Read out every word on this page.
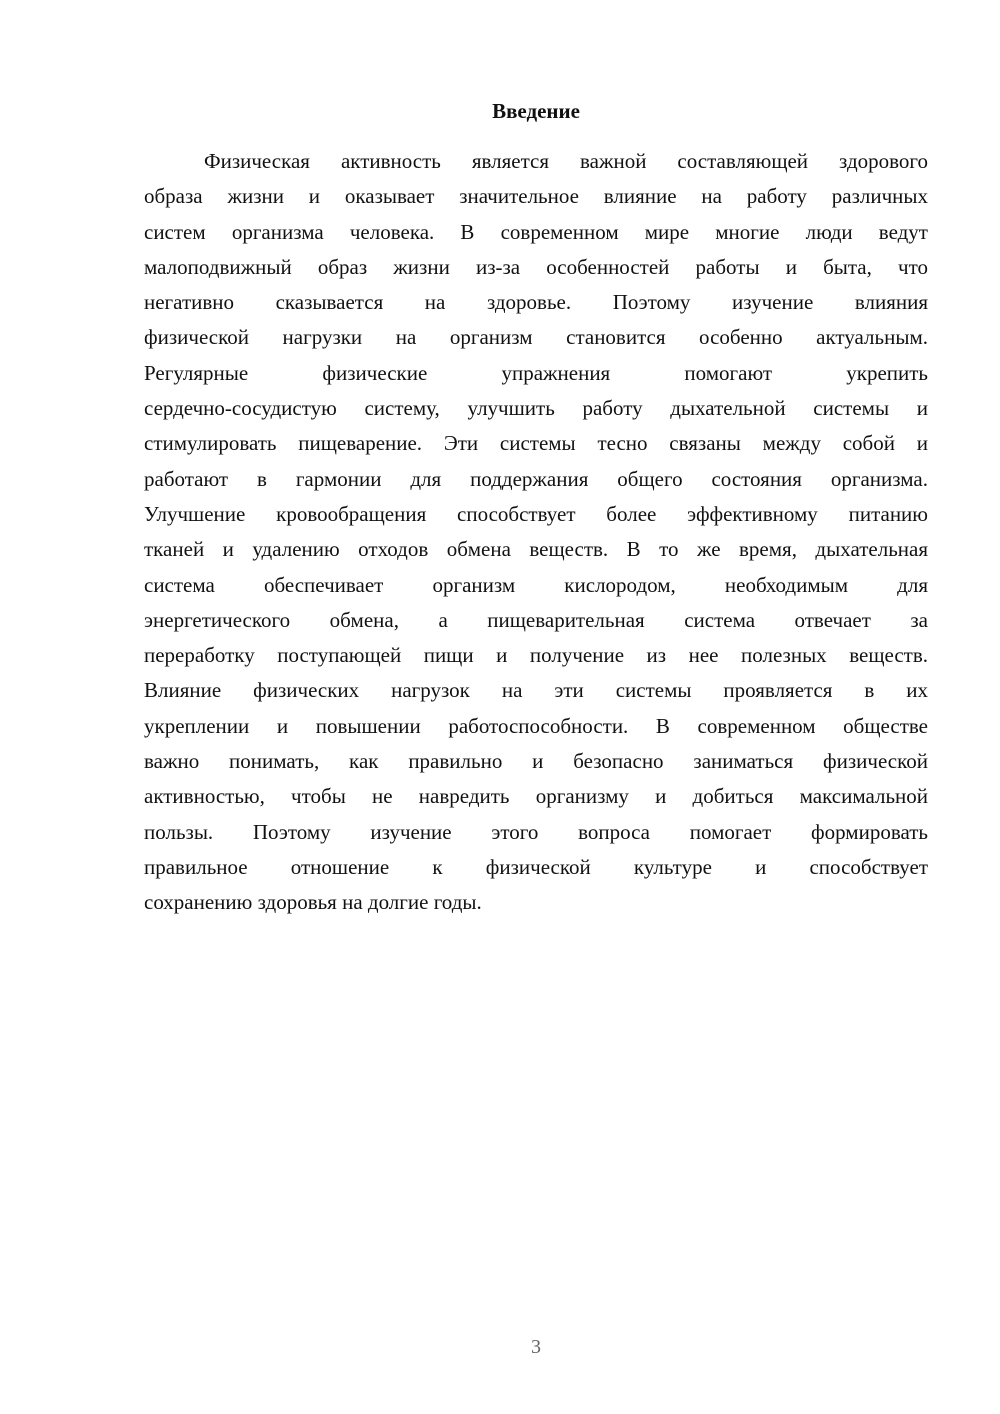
Введение
Физическая активность является важной составляющей здорового
образа жизни и оказывает значительное влияние на работу различных
систем организма человека. В современном мире многие люди ведут
малоподвижный образ жизни из-за особенностей работы и быта, что
негативно сказывается на здоровье. Поэтому изучение влияния
физической нагрузки на организм становится особенно актуальным.
Регулярные физические упражнения помогают укрепить
сердечно-сосудистую систему, улучшить работу дыхательной системы и
стимулировать пищеварение. Эти системы тесно связаны между собой и
работают в гармонии для поддержания общего состояния организма.
Улучшение кровообращения способствует более эффективному питанию
тканей и удалению отходов обмена веществ. В то же время, дыхательная
система обеспечивает организм кислородом, необходимым для
энергетического обмена, а пищеварительная система отвечает за
переработку поступающей пищи и получение из нее полезных веществ.
Влияние физических нагрузок на эти системы проявляется в их
укреплении и повышении работоспособности. В современном обществе
важно понимать, как правильно и безопасно заниматься физической
активностью, чтобы не навредить организму и добиться максимальной
пользы. Поэтому изучение этого вопроса помогает формировать
правильное отношение к физической культуре и способствует
сохранению здоровья на долгие годы.
3
